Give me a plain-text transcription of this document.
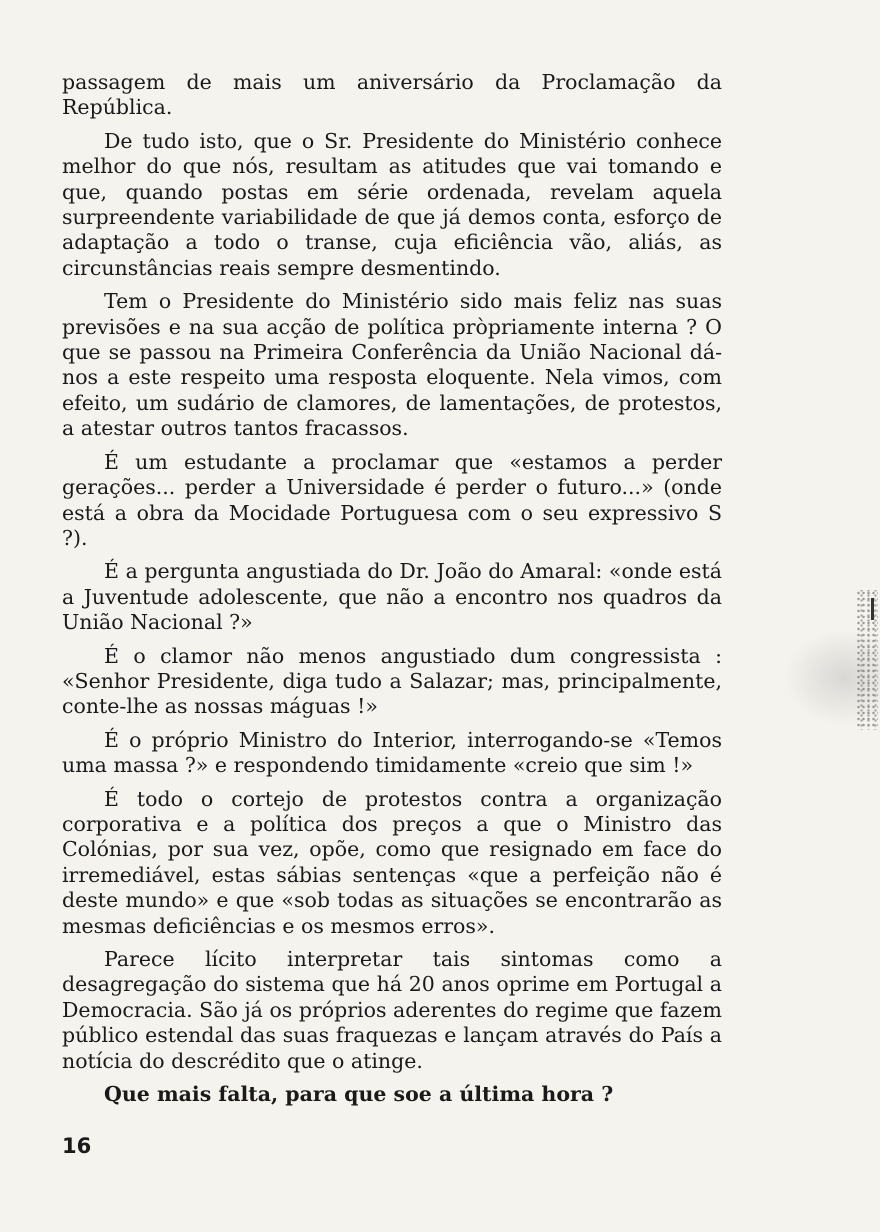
passagem de mais um aniversário da Proclamação da República.

De tudo isto, que o Sr. Presidente do Ministério conhece melhor do que nós, resultam as atitudes que vai tomando e que, quando postas em série ordenada, revelam aquela surpreendente variabilidade de que já demos conta, esforço de adaptação a todo o transe, cuja eficiência vão, aliás, as circunstâncias reais sempre desmentindo.

Tem o Presidente do Ministério sido mais feliz nas suas previsões e na sua acção de política pròpriamente interna ? O que se passou na Primeira Conferência da União Nacional dá-nos a este respeito uma resposta eloquente. Nela vimos, com efeito, um sudário de clamores, de lamentações, de protestos, a atestar outros tantos fracassos.

É um estudante a proclamar que «estamos a perder gerações... perder a Universidade é perder o futuro...» (onde está a obra da Mocidade Portuguesa com o seu expressivo S ?).

É a pergunta angustiada do Dr. João do Amaral: «onde está a Juventude adolescente, que não a encontro nos quadros da União Nacional ?»

É o clamor não menos angustiado dum congressista : «Senhor Presidente, diga tudo a Salazar; mas, principalmente, conte-lhe as nossas máguas !»

É o próprio Ministro do Interior, interrogando-se «Temos uma massa ?» e respondendo timidamente «creio que sim !»

É todo o cortejo de protestos contra a organização corporativa e a política dos preços a que o Ministro das Colónias, por sua vez, opõe, como que resignado em face do irremediável, estas sábias sentenças «que a perfeição não é deste mundo» e que «sob todas as situações se encontrarão as mesmas deficiências e os mesmos erros».

Parece lícito interpretar tais sintomas como a desagregação do sistema que há 20 anos oprime em Portugal a Democracia. São já os próprios aderentes do regime que fazem público estendal das suas fraquezas e lançam através do País a notícia do descrédito que o atinge.

Que mais falta, para que soe a última hora ?

16
